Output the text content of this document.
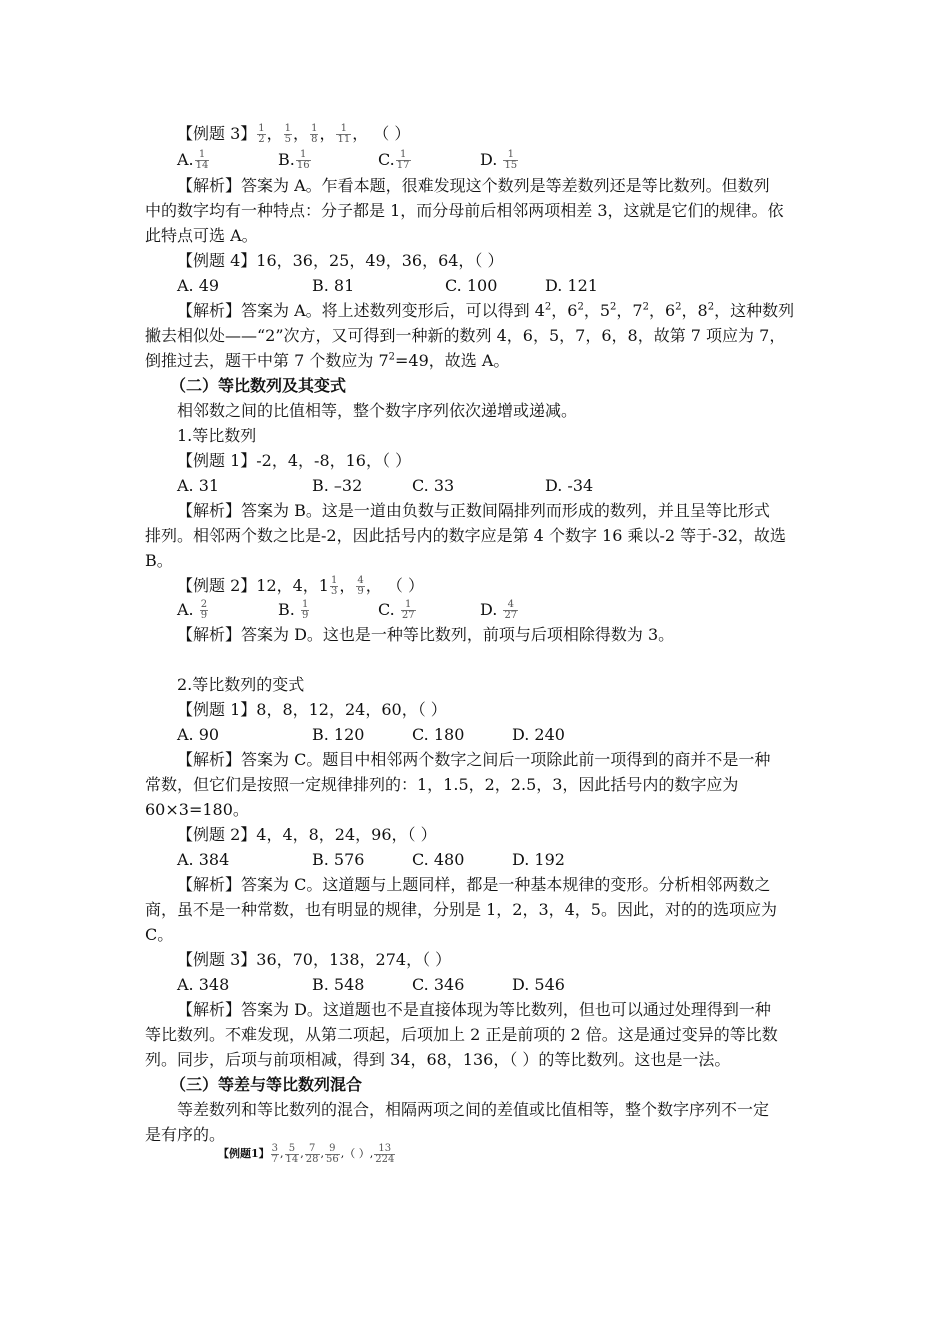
【例题 3】 $\frac{1}{2}$ ， $\frac{1}{5}$ ， $\frac{1}{8}$ ， $\frac{1}{11}$ ， （ ）
A. $\frac{1}{14}$	B. $\frac{1}{16}$	C. $\frac{1}{17}$	D. $\frac{1}{15}$
【解析】答案为 A。乍看本题，很难发现这个数列是等差数列还是等比数列。但数列
中的数字均有一种特点：分子都是 1，而分母前后相邻两项相差 3，这就是它们的规律。依
此特点可选 A。
【例题 4】16，36，25，49，36，64，（ ）
A. 49	B. 81	C. 100	D. 121
【解析】答案为 A。将上述数列变形后，可以得到 $4^2$，$6^2$，$5^2$，$7^2$，$6^2$，$8^2$，这种数列
撇去相似处——“2”次方，又可得到一种新的数列 4，6，5，7，6，8，故第 7 项应为 7，
倒推过去，题干中第 7 个数应为 $7^2=49$，故选 A。
（二）等比数列及其变式
相邻数之间的比值相等，整个数字序列依次递增或递减。
1.等比数列
【例题 1】-2，4，-8，16，（ ）
A. 31	B. –32	C. 33	D. -34
【解析】答案为 B。这是一道由负数与正数间隔排列而形成的数列，并且呈等比形式
排列。相邻两个数之比是-2，因此括号内的数字应是第 4 个数字 16 乘以-2 等于-32，故选
B。
【例题 2】12，4，$1 \frac{1}{3}$ ， $\frac{4}{9}$ ， （ ）
A. $\frac{2}{9}$	B. $\frac{1}{9}$	C. $\frac{1}{27}$	D. $\frac{4}{27}$
【解析】答案为 D。这也是一种等比数列，前项与后项相除得数为 3。
2.等比数列的变式
【例题 1】8，8，12，24，60，（ ）
A. 90	B. 120	C. 180	D. 240
【解析】答案为 C。题目中相邻两个数字之间后一项除此前一项得到的商并不是一种
常数，但它们是按照一定规律排列的：1，1.5，2，2.5，3，因此括号内的数字应为
60×3=180。
【例题 2】4，4，8，24，96，（ ）
A. 384	B. 576	C. 480	D. 192
【解析】答案为 C。这道题与上题同样，都是一种基本规律的变形。分析相邻两数之
商，虽不是一种常数，也有明显的规律，分别是 1，2，3，4，5。因此，对的的选项应为
C。
【例题 3】36，70，138，274，（ ）
A. 348	B. 548	C. 346	D. 546
【解析】答案为 D。这道题也不是直接体现为等比数列，但也可以通过处理得到一种
等比数列。不难发现，从第二项起，后项加上 2 正是前项的 2 倍。这是通过变异的等比数
列。同步，后项与前项相减，得到 34，68，136，（ ）的等比数列。这也是一法。
（三）等差与等比数列混合
等差数列和等比数列的混合，相隔两项之间的差值或比值相等，整个数字序列不一定
是有序的。
【例题1】 $\frac{3}{7}$ , $\frac{5}{14}$ , $\frac{7}{28}$ , $\frac{9}{56}$ ,（ ）, $\frac{13}{224}$
